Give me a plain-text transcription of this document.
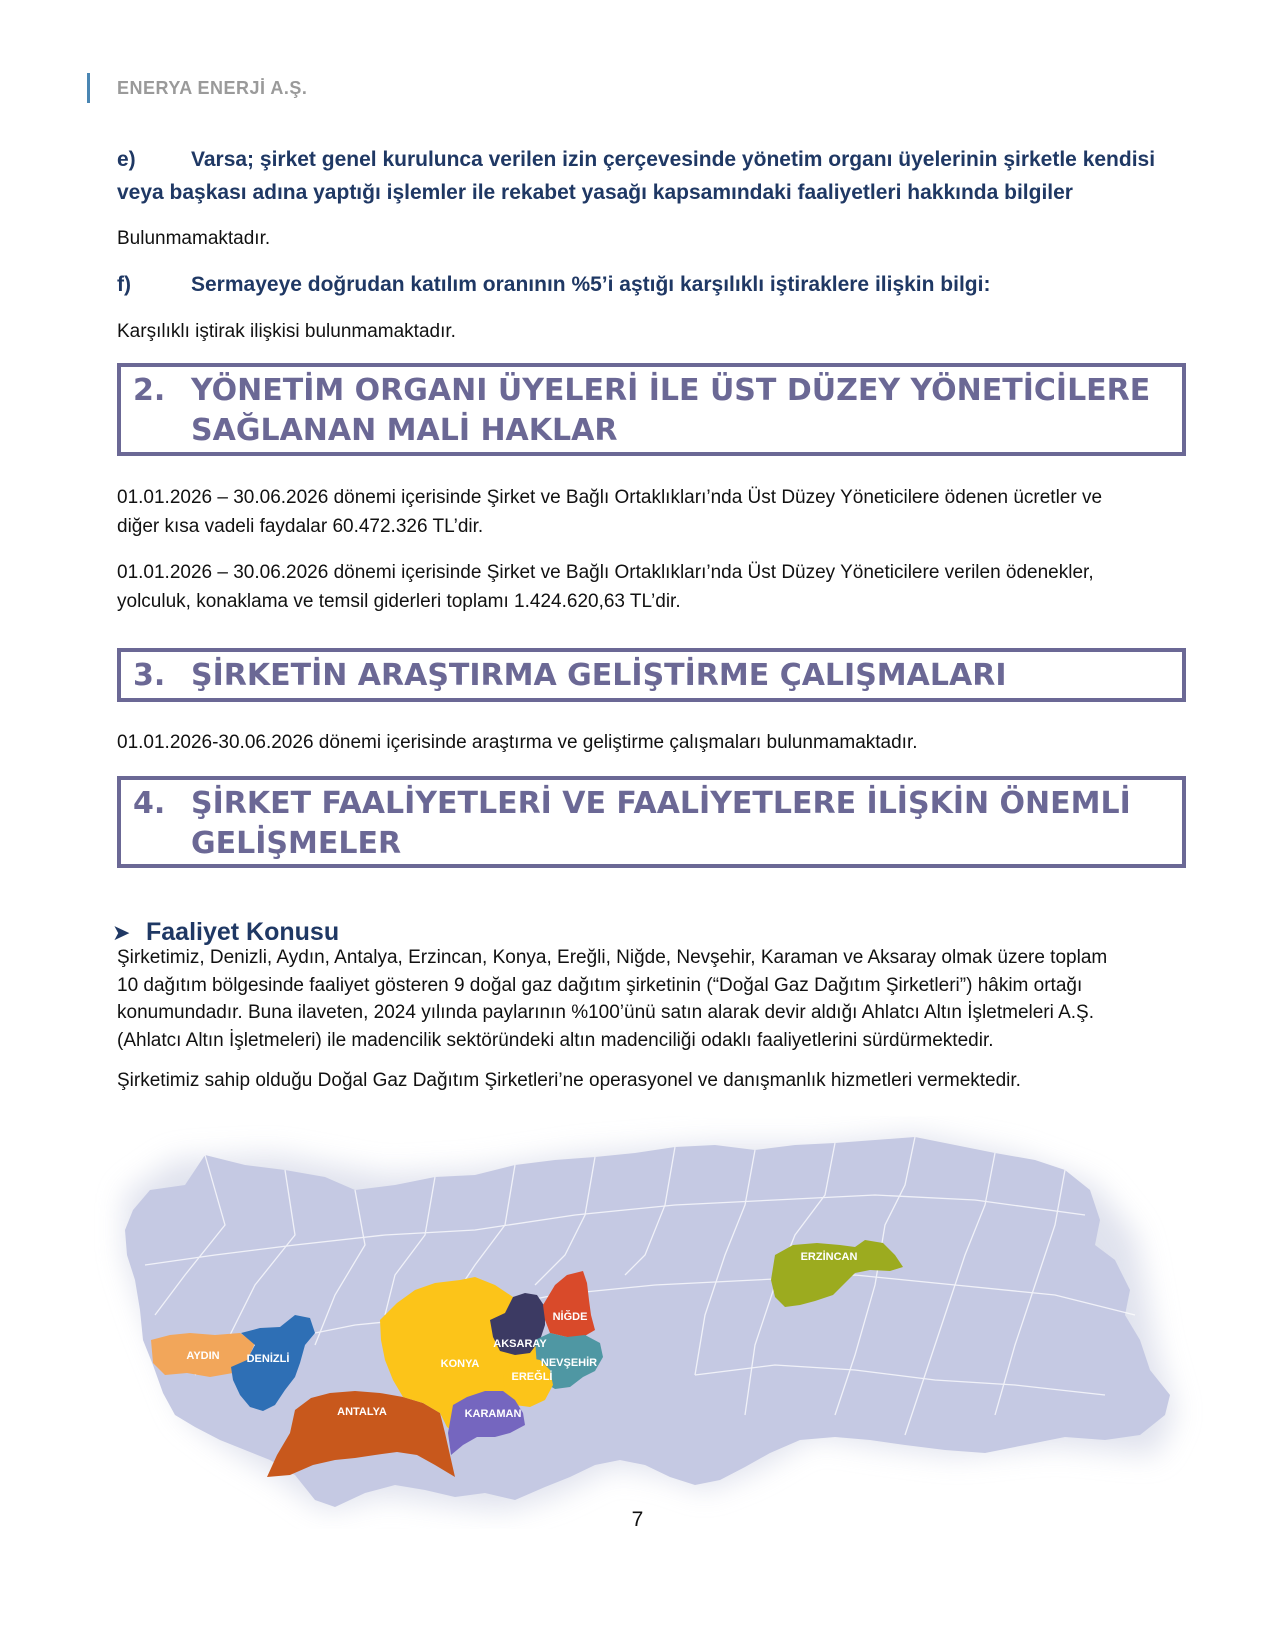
ENERYA ENERJİ A.Ş.
e)	Varsa; şirket genel kurulunca verilen izin çerçevesinde yönetim organı üyelerinin şirketle kendisi
veya başkası adına yaptığı işlemler ile rekabet yasağı kapsamındaki faaliyetleri hakkında bilgiler
Bulunmamaktadır.
f)	Sermayeye doğrudan katılım oranının %5’i aştığı karşılıklı iştiraklere ilişkin bilgi:
Karşılıklı iştirak ilişkisi bulunmamaktadır.
2. YÖNETİM ORGANI ÜYELERİ İLE ÜST DÜZEY YÖNETİCİLERE
SAĞLANAN MALİ HAKLAR
01.01.2026 – 30.06.2026 dönemi içerisinde Şirket ve Bağlı Ortaklıkları’nda Üst Düzey Yöneticilere ödenen ücretler ve
diğer kısa vadeli faydalar 60.472.326 TL’dir.
01.01.2026 – 30.06.2026 dönemi içerisinde Şirket ve Bağlı Ortaklıkları’nda Üst Düzey Yöneticilere verilen ödenekler,
yolculuk, konaklama ve temsil giderleri toplamı 1.424.620,63 TL’dir.
3. ŞİRKETİN ARAŞTIRMA GELİŞTİRME ÇALIŞMALARI
01.01.2026-30.06.2026 dönemi içerisinde araştırma ve geliştirme çalışmaları bulunmamaktadır.
4. ŞİRKET FAALİYETLERİ VE FAALİYETLERE İLİŞKİN ÖNEMLİ
GELİŞMELER
➤ Faaliyet Konusu
Şirketimiz, Denizli, Aydın, Antalya, Erzincan, Konya, Ereğli, Niğde, Nevşehir, Karaman ve Aksaray olmak üzere toplam
10 dağıtım bölgesinde faaliyet gösteren 9 doğal gaz dağıtım şirketinin (“Doğal Gaz Dağıtım Şirketleri”) hâkim ortağı
konumundadır. Buna ilaveten, 2024 yılında paylarının %100’ünü satın alarak devir aldığı Ahlatcı Altın İşletmeleri A.Ş.
(Ahlatcı Altın İşletmeleri) ile madencilik sektöründeki altın madenciliği odaklı faaliyetlerini sürdürmektedir.
Şirketimiz sahip olduğu Doğal Gaz Dağıtım Şirketleri’ne operasyonel ve danışmanlık hizmetleri vermektedir.
AYDIN DENİZLİ
ANTALYA
KONYA
AKSARAY
NİĞDE
NEVŞEHİR
EREĞLİ
KARAMAN
ERZİNCAN
7
